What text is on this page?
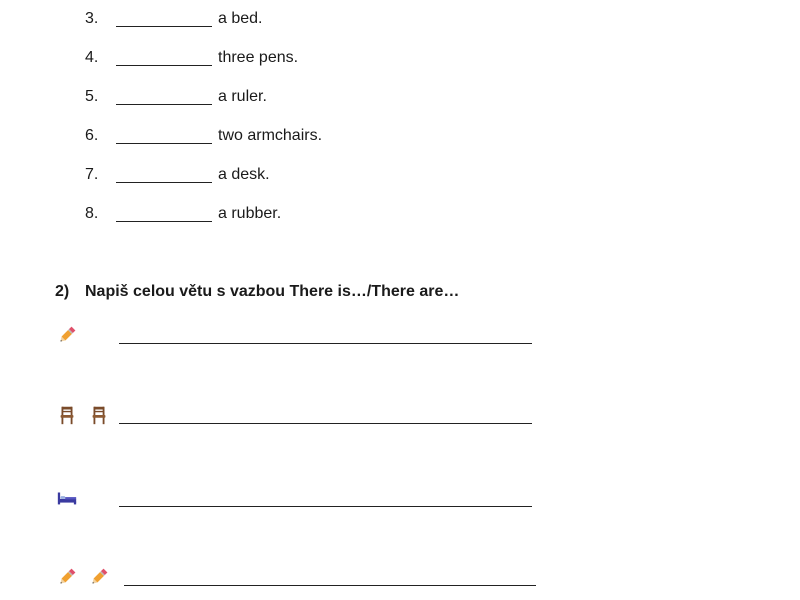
3.	a bed.
4.	three pens.
5.	a ruler.
6.	two armchairs.
7.	a desk.
8.	a rubber.
2) Napiš celou větu s vazbou There is…/There are…
